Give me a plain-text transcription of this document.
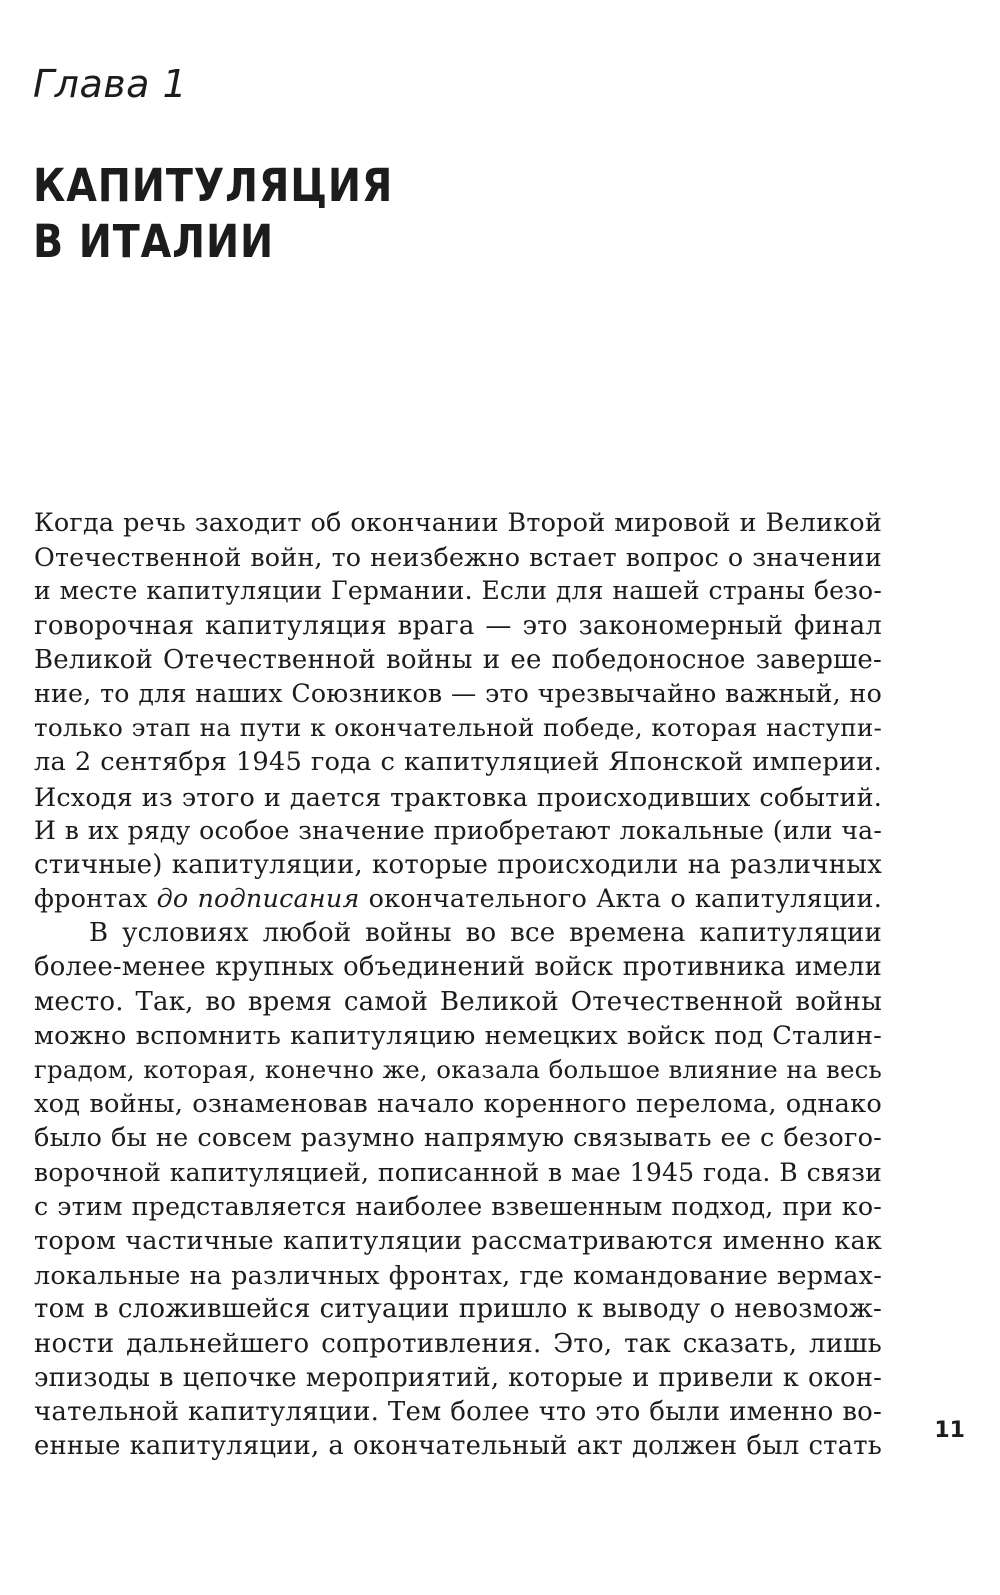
Глава 1
КАПИТУЛЯЦИЯ
В ИТАЛИИ
Когда речь заходит об окончании Второй мировой и Великой
Отечественной войн, то неизбежно встает вопрос о значении
и месте капитуляции Германии. Если для нашей страны безо-
говорочная капитуляция врага — это закономерный финал
Великой Отечественной войны и ее победоносное заверше-
ние, то для наших Союзников — это чрезвычайно важный, но
только этап на пути к окончательной победе, которая наступи-
ла 2 сентября 1945 года с капитуляцией Японской империи.
Исходя из этого и дается трактовка происходивших событий.
И в их ряду особое значение приобретают локальные (или ча-
стичные) капитуляции, которые происходили на различных
фронтах до подписания окончательного Акта о капитуляции.
В условиях любой войны во все времена капитуляции
более-менее крупных объединений войск противника имели
место. Так, во время самой Великой Отечественной войны
можно вспомнить капитуляцию немецких войск под Сталин-
градом, которая, конечно же, оказала большое влияние на весь
ход войны, ознаменовав начало коренного перелома, однако
было бы не совсем разумно напрямую связывать ее с безого-
ворочной капитуляцией, пописанной в мае 1945 года. В связи
с этим представляется наиболее взвешенным подход, при ко-
тором частичные капитуляции рассматриваются именно как
локальные на различных фронтах, где командование вермах-
том в сложившейся ситуации пришло к выводу о невозмож-
ности дальнейшего сопротивления. Это, так сказать, лишь
эпизоды в цепочке мероприятий, которые и привели к окон-
чательной капитуляции. Тем более что это были именно во-
енные капитуляции, а окончательный акт должен был стать
11
